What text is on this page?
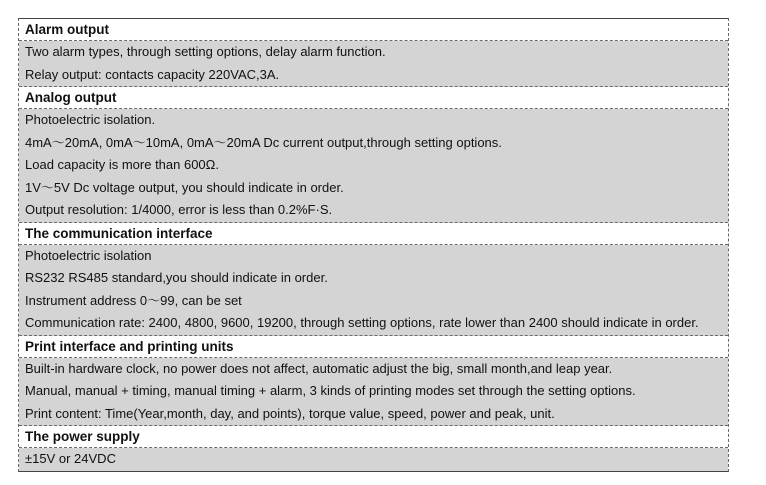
Alarm output
Two alarm types, through setting options, delay alarm function.
Relay output: contacts capacity 220VAC,3A.
Analog output
Photoelectric isolation.
4mA～20mA, 0mA～10mA, 0mA～20mA Dc current output,through setting options.
Load capacity is more than 600Ω.
1V～5V Dc voltage output, you should indicate in order.
Output resolution: 1/4000, error is less than 0.2%F·S.
The communication interface
Photoelectric isolation
RS232 RS485 standard,you should indicate in order.
Instrument address 0～99, can be set
Communication rate: 2400, 4800, 9600, 19200, through setting options, rate lower than 2400 should indicate in order.
Print interface and printing units
Built-in hardware clock, no power does not affect, automatic adjust the big, small month,and leap year.
Manual, manual + timing, manual timing + alarm, 3 kinds of printing modes set through the setting options.
Print content: Time(Year,month, day, and points), torque value, speed, power and peak, unit.
The power supply
±15V or 24VDC
